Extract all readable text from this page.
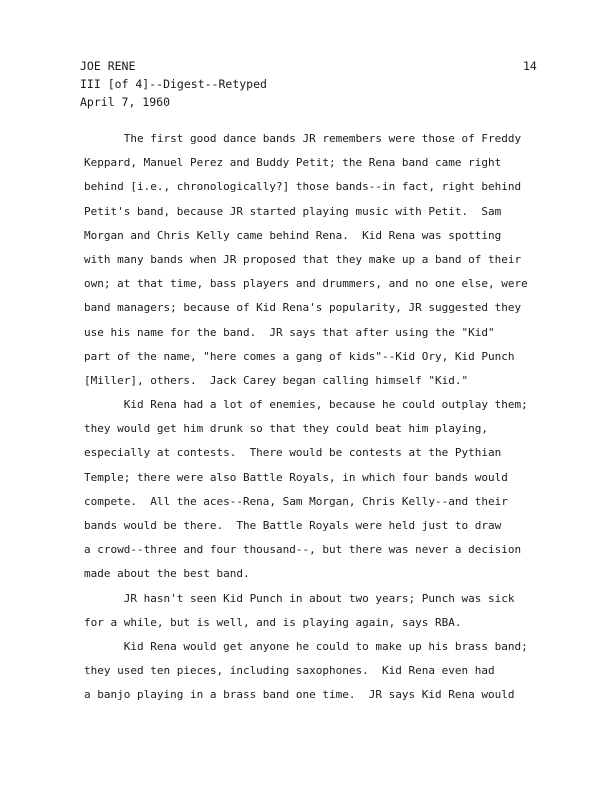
JOE RENE
III [of 4]--Digest--Retyped
April 7, 1960
14
The first good dance bands JR remembers were those of Freddy
Keppard, Manuel Perez and Buddy Petit; the Rena band came right
behind [i.e., chronologically?] those bands--in fact, right behind
Petit's band, because JR started playing music with Petit.  Sam
Morgan and Chris Kelly came behind Rena.  Kid Rena was spotting
with many bands when JR proposed that they make up a band of their
own; at that time, bass players and drummers, and no one else, were
band managers; because of Kid Rena's popularity, JR suggested they
use his name for the band.  JR says that after using the "Kid"
part of the name, "here comes a gang of kids"--Kid Ory, Kid Punch
[Miller], others.  Jack Carey began calling himself "Kid."
Kid Rena had a lot of enemies, because he could outplay them;
they would get him drunk so that they could beat him playing,
especially at contests.  There would be contests at the Pythian
Temple; there were also Battle Royals, in which four bands would
compete.  All the aces--Rena, Sam Morgan, Chris Kelly--and their
bands would be there.  The Battle Royals were held just to draw
a crowd--three and four thousand--, but there was never a decision
made about the best band.
JR hasn't seen Kid Punch in about two years; Punch was sick
for a while, but is well, and is playing again, says RBA.
Kid Rena would get anyone he could to make up his brass band;
they used ten pieces, including saxophones.  Kid Rena even had
a banjo playing in a brass band one time.  JR says Kid Rena would
